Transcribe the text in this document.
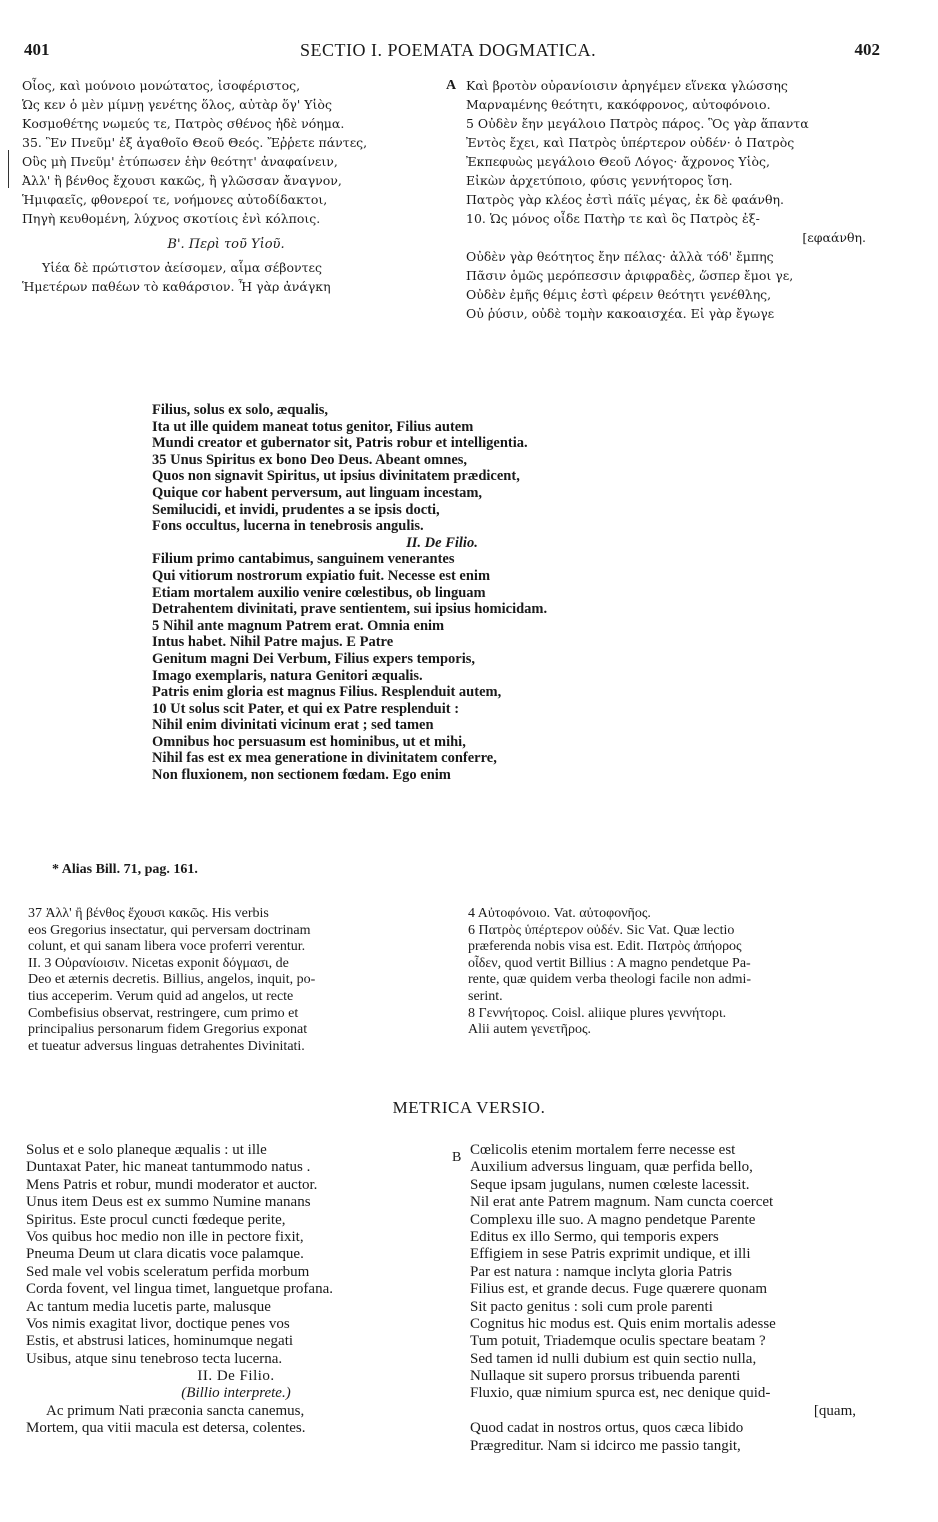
401	SECTIO I. POEMATA DOGMATICA.	402
Οἶος, καὶ μούνοιο μονώτατος, ἰσοφέριστος,
Ὡς κεν ὁ μὲν μίμνῃ γενέτης ὅλος, αὐτὰρ ὅγ' Υἱὸς
Κοσμοθέτης νωμεύς τε, Πατρὸς σθένος ἠδὲ νόημα.
35. Ἓν Πνεῦμ' ἐξ ἀγαθοῖο Θεοῦ Θεός. Ἔῤῥετε πάντες,
Οὓς μὴ Πνεῦμ' ἐτύπωσεν ἑὴν θεότητ' ἀναφαίνειν,
Ἀλλ' ἢ βένθος ἔχουσι κακῶς, ἢ γλῶσσαν ἄναγνον,
Ἡμιφαεῖς, φθονεροί τε, νοήμονες αὐτοδίδακτοι,
Πηγὴ κευθομένη, λύχνος σκοτίοις ἐνὶ κόλποις.
Β'. Περὶ τοῦ Υἱοῦ.
Υἱέα δὲ πρώτιστον ἀείσομεν, αἷμα σέβοντες
Ἡμετέρων παθέων τὸ καθάρσιον. Ἦ γὰρ ἀνάγκη
A Καὶ βροτὸν οὐρανίοισιν ἀρηγέμεν εἵνεκα γλώσσης
Μαρναμένης θεότητι, κακόφρονος, αὐτοφόνοιο.
5 Οὐδὲν ἔην μεγάλοιο Πατρὸς πάρος. Ὃς γὰρ ἅπαντα
Ἐντὸς ἔχει, καὶ Πατρὸς ὑπέρτερον οὐδέν· ὁ Πατρὸς
Ἐκπεφυὼς μεγάλοιο Θεοῦ Λόγος· ἄχρονος Υἱὸς,
Εἰκὼν ἀρχετύποιο, φύσις γεννήτορος ἴση.
Πατρὸς γὰρ κλέος ἐστὶ πάϊς μέγας, ἐκ δὲ φαάνθη.
10. Ὡς μόνος οἶδε Πατὴρ τε καὶ ὃς Πατρὸς ἐξ-
[εφαάνθη.
Οὐδὲν γὰρ θεότητος ἔην πέλας· ἀλλὰ τόδ' ἔμπης
Πᾶσιν ὁμῶς μερόπεσσιν ἀριφραδὲς, ὥσπερ ἔμοι γε,
Οὐδὲν ἐμῆς θέμις ἐστὶ φέρειν θεότητι γενέθλης,
Οὐ ῥύσιν, οὐδὲ τομὴν κακοαισχέα. Εἰ γὰρ ἔγωγε
Filius, solus ex solo, æqualis,
Ita ut ille quidem maneat totus genitor, Filius autem
Mundi creator et gubernator sit, Patris robur et intelligentia.
35 Unus Spiritus ex bono Deo Deus. Abeant omnes,
Quos non signavit Spiritus, ut ipsius divinitatem prædicent,
Quique cor habent perversum, aut linguam incestam,
Semilucidi, et invidi, prudentes a se ipsis docti,
Fons occultus, lucerna in tenebrosis angulis.
II. De Filio.
Filium primo cantabimus, sanguinem venerantes
Qui vitiorum nostrorum expiatio fuit. Necesse est enim
Etiam mortalem auxilio venire cœlestibus, ob linguam
Detrahentem divinitati, prave sentientem, sui ipsius homicidam.
5 Nihil ante magnum Patrem erat. Omnia enim
Intus habet. Nihil Patre majus. E Patre
Genitum magni Dei Verbum, Filius expers temporis,
Imago exemplaris, natura Genitori æqualis.
Patris enim gloria est magnus Filius. Resplenduit autem,
10 Ut solus scit Pater, et qui ex Patre resplenduit :
Nihil enim divinitati vicinum erat ; sed tamen
Omnibus hoc persuasum est hominibus, ut et mihi,
Nihil fas est ex mea generatione in divinitatem conferre,
Non fluxionem, non sectionem fœdam. Ego enim
* Alias Bill. 71, pag. 161.
37 Ἀλλ' ἢ βένθος ἔχουσι κακῶς. His verbis
eos Gregorius insectatur, qui perversam doctrinam
colunt, et qui sanam libera voce proferri verentur.
II. 3 Οὐρανίοισιν. Nicetas exponit δόγμασι, de
Deo et æternis decretis. Billius, angelos, inquit, po-
tius acceperim. Verum quid ad angelos, ut recte
Combefisius observat, restringere, cum primo et
principalius personarum fidem Gregorius exponat
et tueatur adversus linguas detrahentes Divinitati.
4 Αὐτοφόνοιο. Vat. αὐτοφονῆος.
6 Πατρὸς ὑπέρτερον οὐδέν. Sic Vat. Quæ lectio
præferenda nobis visa est. Edit. Πατρὸς ἀπήορος
οἶδεν, quod vertit Billius : A magno pendetque Pa-
rente, quæ quidem verba theologi facile non admi-
serint.
8 Γεννήτορος. Coisl. aliique plures γεννήτορι.
Alii autem γενετῆρος.
METRICA VERSIO.
Solus et e solo planeque æqualis : ut ille
Duntaxat Pater, hic maneat tantummodo natus .
Mens Patris et robur, mundi moderator et auctor.
Unus item Deus est ex summo Numine manans
Spiritus. Este procul cuncti fœdeque perite,
Vos quibus hoc medio non ille in pectore fixit,
Pneuma Deum ut clara dicatis voce palamque.
Sed male vel vobis sceleratum perfida morbum
Corda fovent, vel lingua timet, languetque profana.
Ac tantum media lucetis parte, malusque
Vos nimis exagitat livor, doctique penes vos
Estis, et abstrusi latices, hominumque negati
Usibus, atque sinu tenebroso tecta lucerna.
II. De Filio.
(Billio interprete.)
Ac primum Nati præconia sancta canemus,
Mortem, qua vitii macula est detersa, colentes.
B Cœlicolis etenim mortalem ferre necesse est
Auxilium adversus linguam, quæ perfida bello,
Seque ipsam jugulans, numen cœleste lacessit.
Nil erat ante Patrem magnum. Nam cuncta coercet
Complexu ille suo. A magno pendetque Parente
Editus ex illo Sermo, qui temporis expers
Effigiem in sese Patris exprimit undique, et illi
Par est natura : namque inclyta gloria Patris
Filius est, et grande decus. Fuge quærere quonam
Sit pacto genitus : soli cum prole parenti
Cognitus hic modus est. Quis enim mortalis adesse
Tum potuit, Triademque oculis spectare beatam ?
Sed tamen id nulli dubium est quin sectio nulla,
Nullaque sit supero prorsus tribuenda parenti
Fluxio, quæ nimium spurca est, nec denique quid-
[quam,
Quod cadat in nostros ortus, quos cæca libido
Prægreditur. Nam si idcirco me passio tangit,
